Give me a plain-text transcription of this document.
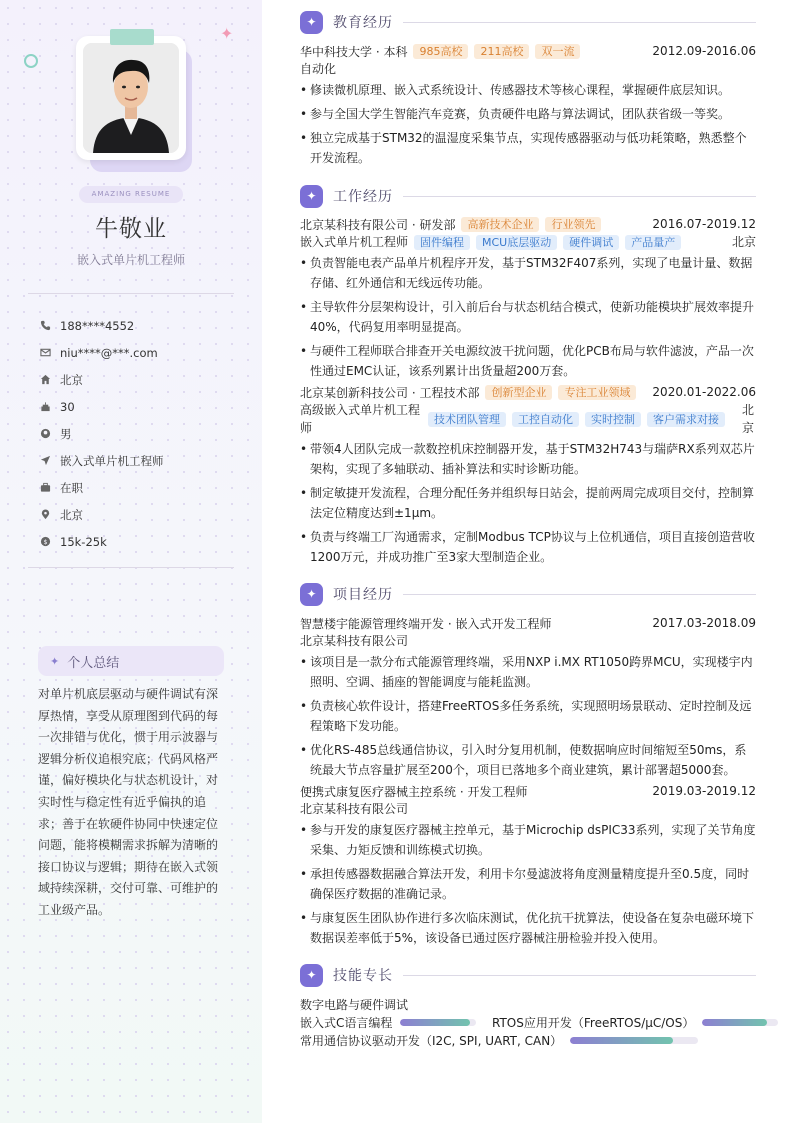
✦
AMAZING RESUME
牛敬业
嵌入式单片机工程师
188****4552
niu****@***.com
北京
30
男
嵌入式单片机工程师
在职
北京
$ 15k-25k
✦ 个人总结
对单片机底层驱动与硬件调试有深厚热情，享受从原理图到代码的每一次排错与优化，惯于用示波器与逻辑分析仪追根究底；代码风格严谨，偏好模块化与状态机设计，对实时性与稳定性有近乎偏执的追求；善于在软硬件协同中快速定位问题，能将模糊需求拆解为清晰的接口协议与逻辑；期待在嵌入式领域持续深耕，交付可靠、可维护的工业级产品。
✦	教育经历
华中科技大学 · 本科	985高校	211高校	双一流	2012.09-2016.06
自动化
• 修读微机原理、嵌入式系统设计、传感器技术等核心课程，掌握硬件底层知识。
• 参与全国大学生智能汽车竞赛，负责硬件电路与算法调试，团队获省级一等奖。
• 独立完成基于STM32的温湿度采集节点，实现传感器驱动与低功耗策略，熟悉整个开发流程。
✦	工作经历
北京某科技有限公司 · 研发部	高新技术企业	行业领先	2016.07-2019.12
嵌入式单片机工程师	固件编程	MCU底层驱动	硬件调试	产品量产	北京
• 负责智能电表产品单片机程序开发，基于STM32F407系列，实现了电量计量、数据存储、红外通信和无线远传功能。
• 主导软件分层架构设计，引入前后台与状态机结合模式，使新功能模块扩展效率提升40%，代码复用率明显提高。
• 与硬件工程师联合排查开关电源纹波干扰问题，优化PCB布局与软件滤波，产品一次性通过EMC认证，该系列累计出货量超200万套。
北京某创新科技公司 · 工程技术部	创新型企业	专注工业领域	2020.01-2022.06
高级嵌入式单片机工程师
技术团队管理	工控自动化	实时控制	客户需求对接
北京
• 带领4人团队完成一款数控机床控制器开发，基于STM32H743与瑞萨RX系列双芯片架构，实现了多轴联动、插补算法和实时诊断功能。
• 制定敏捷开发流程，合理分配任务并组织每日站会，提前两周完成项目交付，控制算法定位精度达到±1μm。
• 负责与终端工厂沟通需求，定制Modbus TCP协议与上位机通信，项目直接创造营收1200万元，并成功推广至3家大型制造企业。
✦	项目经历
智慧楼宇能源管理终端开发 · 嵌入式开发工程师	2017.03-2018.09
北京某科技有限公司
• 该项目是一款分布式能源管理终端，采用NXP i.MX RT1050跨界MCU，实现楼宇内照明、空调、插座的智能调度与能耗监测。
• 负责核心软件设计，搭建FreeRTOS多任务系统，实现照明场景联动、定时控制及远程策略下发功能。
• 优化RS-485总线通信协议，引入时分复用机制，使数据响应时间缩短至50ms，系统最大节点容量扩展至200个，项目已落地多个商业建筑，累计部署超5000套。
便携式康复医疗器械主控系统 · 开发工程师	2019.03-2019.12
北京某科技有限公司
• 参与开发的康复医疗器械主控单元，基于Microchip dsPIC33系列，实现了关节角度采集、力矩反馈和训练模式切换。
• 承担传感器数据融合算法开发，利用卡尔曼滤波将角度测量精度提升至0.5度，同时确保医疗数据的准确记录。
• 与康复医生团队协作进行多次临床测试，优化抗干扰算法，使设备在复杂电磁环境下数据误差率低于5%，该设备已通过医疗器械注册检验并投入使用。
✦	技能专长
数字电路与硬件调试
嵌入式C语言编程	RTOS应用开发（FreeRTOS/μC/OS）
常用通信协议驱动开发（I2C, SPI, UART, CAN）
